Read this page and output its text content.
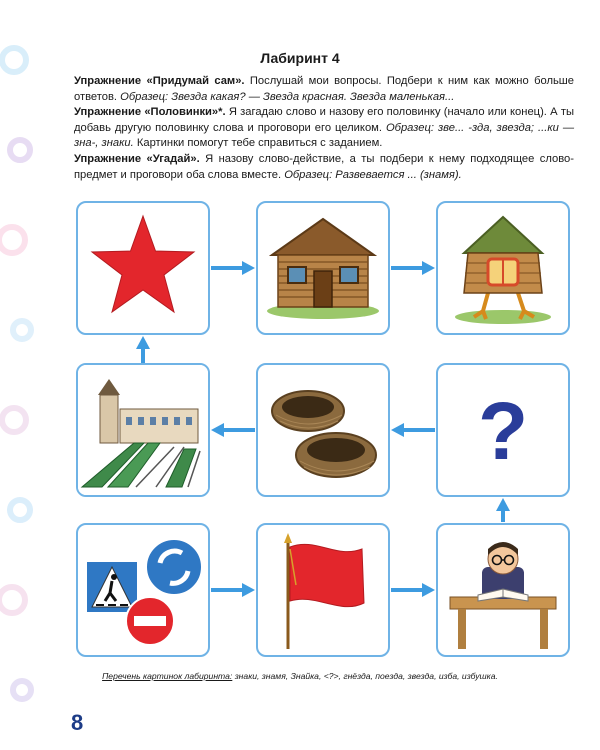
Лабиринт 4

Упражнение «Придумай сам». Послушай мои вопросы. Подбери к ним как можно больше ответов. Образец: Звезда какая? — Звезда красная. Звезда маленькая...

Упражнение «Половинки»*. Я загадаю слово и назову его половинку (начало или конец). А ты добавь другую половинку слова и проговори его целиком. Образец: зве... -зда, звезда; ...ки — зна-, знаки. Картинки помогут тебе справиться с заданием.

Упражнение «Угадай». Я назову слово-действие, а ты подбери к нему подходящее слово-предмет и проговори оба слова вместе. Образец: Развевается ... (знамя).

?
Перечень картинок лабиринта: знаки, знамя, Знайка, <?>, гнёзда, поезда, звезда, изба, избушка.
8
